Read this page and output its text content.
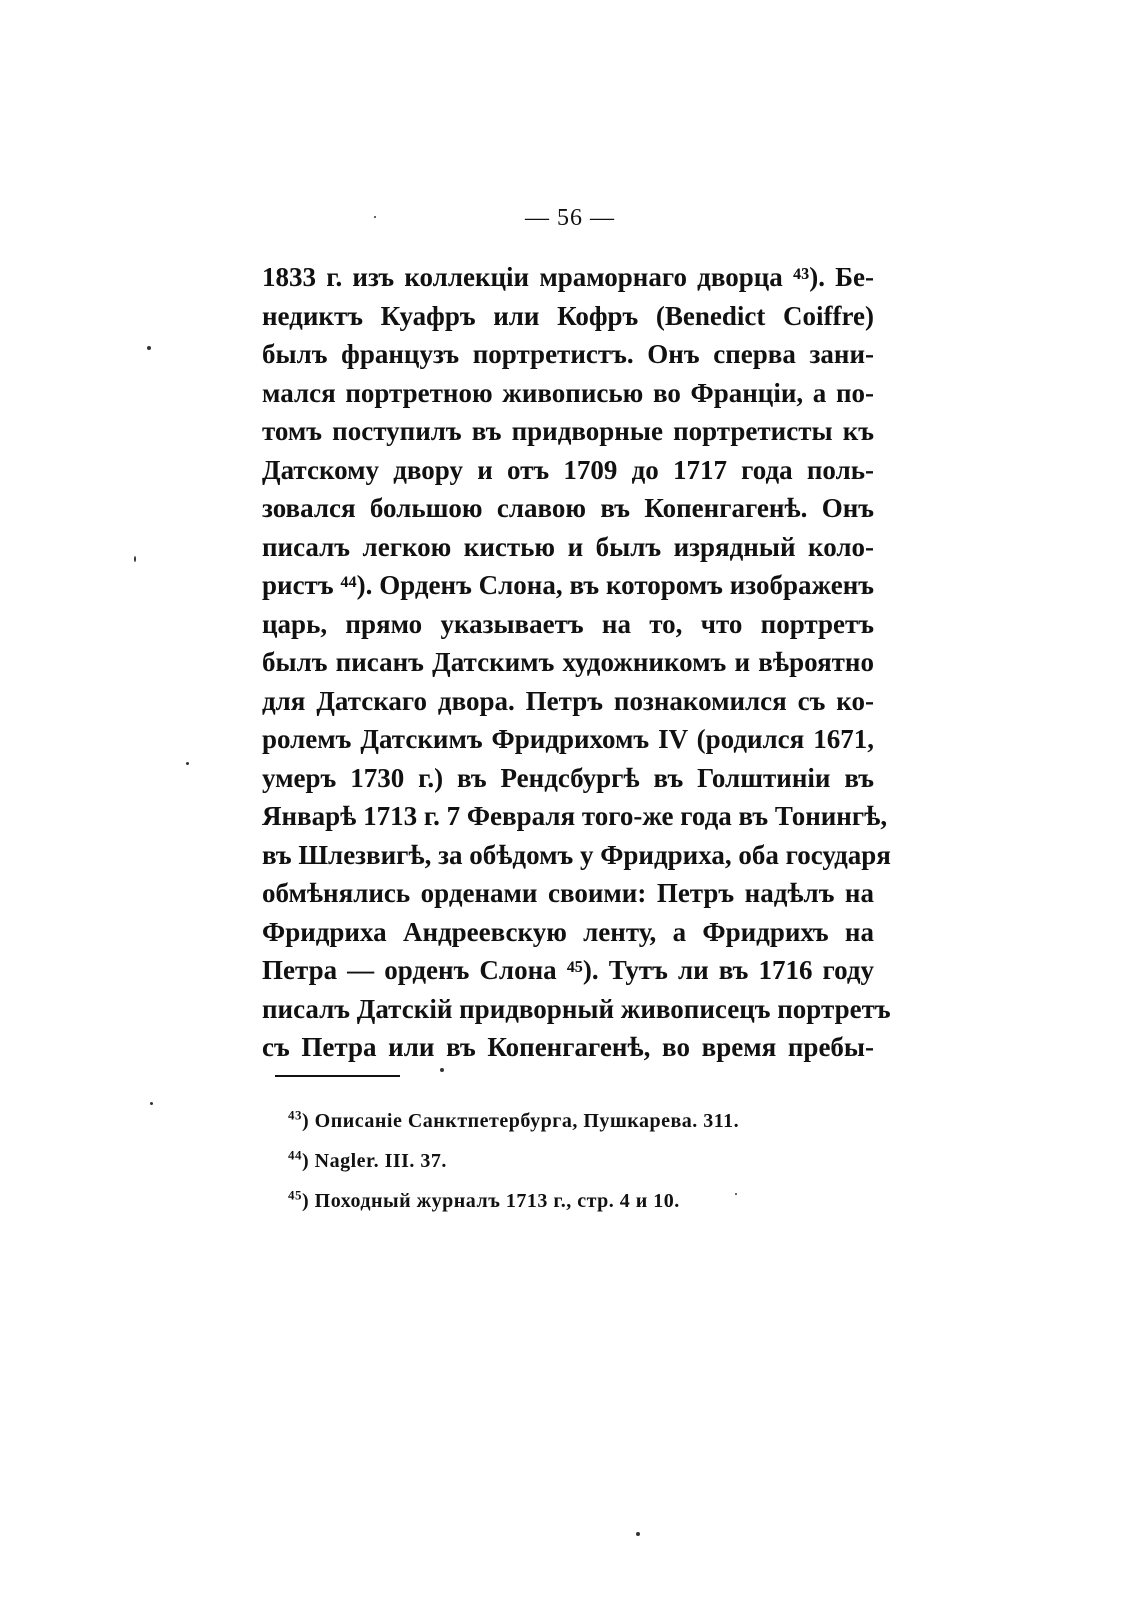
— 56 —
1833 г. изъ коллекціи мраморнаго дворца ⁴³). Бе-
недиктъ Куафръ или Кофръ (Benedict Coiffre)
былъ французъ портретистъ. Онъ сперва зани-
мался портретною живописью во Франціи, а по-
томъ поступилъ въ придворные портретисты къ
Датскому двору и отъ 1709 до 1717 года поль-
зовался большою славою въ Копенгагенѣ. Онъ
писалъ легкою кистью и былъ изрядный коло-
ристъ ⁴⁴). Орденъ Слона, въ которомъ изображенъ
царь, прямо указываетъ на то, что портретъ
былъ писанъ Датскимъ художникомъ и вѣроятно
для Датскаго двора. Петръ познакомился съ ко-
ролемъ Датскимъ Фридрихомъ IV (родился 1671,
умеръ 1730 г.) въ Рендсбургѣ въ Голштиніи въ
Январѣ 1713 г. 7 Февраля того-же года въ Тонингѣ,
въ Шлезвигѣ, за обѣдомъ у Фридриха, оба государя
обмѣнялись орденами своими: Петръ надѣлъ на
Фридриха Андреевскую ленту, а Фридрихъ на
Петра — орденъ Слона ⁴⁵). Тутъ ли въ 1716 году
писалъ Датскій придворный живописецъ портретъ
съ Петра или въ Копенгагенѣ, во время пребы-
$^{43}$) Описаніе Санктпетербурга, Пушкарева. 311.
$^{44}$) Nagler. III. 37.
$^{45}$) Походный журналъ 1713 г., стр. 4 и 10.
